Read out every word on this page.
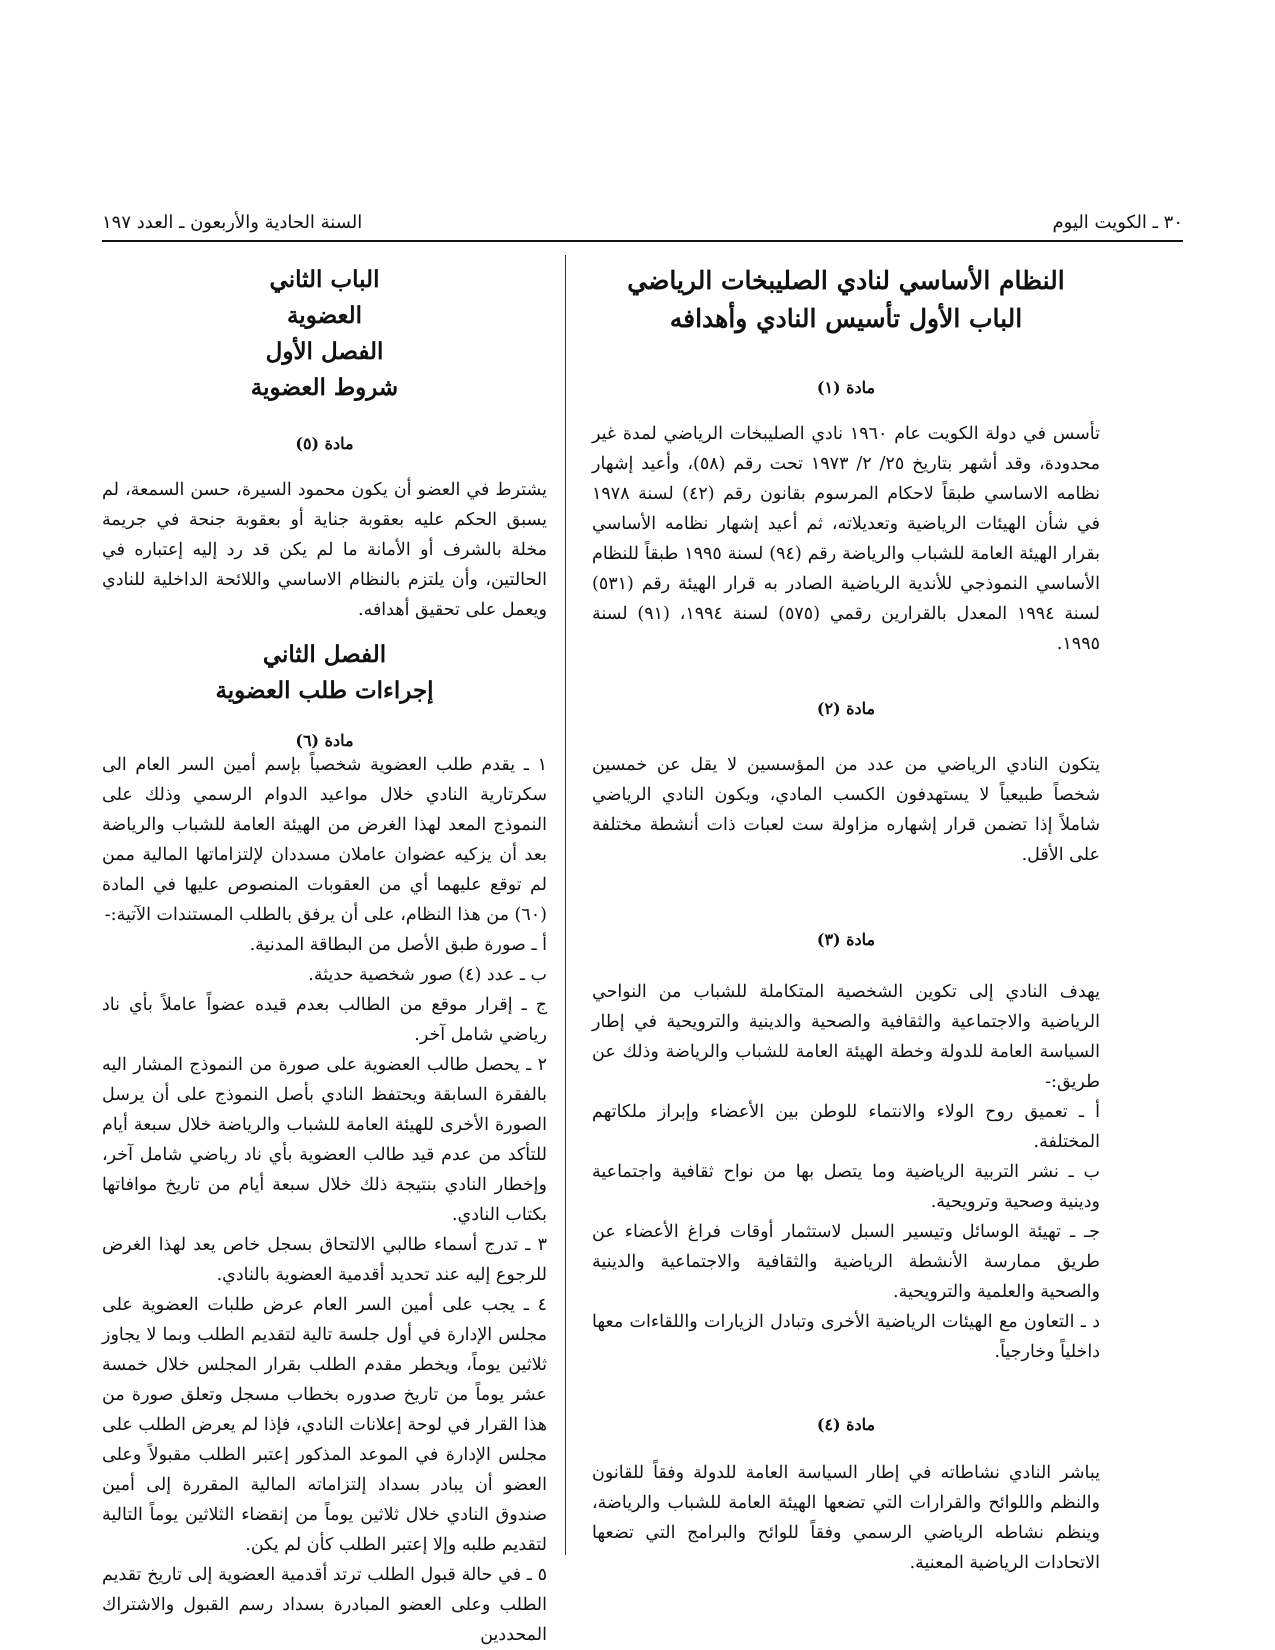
السنة الحادية والأربعون ـ العدد ١٩٧	٣٠ ـ الكويت اليوم

النظام الأساسي لنادي الصليبخات الرياضي

الباب الأول تأسيس النادي وأهدافه

مادة (١)

تأسس في دولة الكويت عام ١٩٦٠ نادي الصليبخات الرياضي لمدة غير محدودة، وقد أشهر بتاريخ ٢٥/ ٢/ ١٩٧٣ تحت رقم (٥٨)، وأعيد إشهار نظامه الاساسي طبقاً لاحكام المرسوم بقانون رقم (٤٢) لسنة ١٩٧٨ في شأن الهيئات الرياضية وتعديلاته، ثم أعيد إشهار نظامه الأساسي بقرار الهيئة العامة للشباب والرياضة رقم (٩٤) لسنة ١٩٩٥ طبقاً للنظام الأساسي النموذجي للأندية الرياضية الصادر به قرار الهيئة رقم (٥٣١) لسنة ١٩٩٤ المعدل بالقرارين رقمي (٥٧٥) لسنة ١٩٩٤، (٩١) لسنة ١٩٩٥.

مادة (٢)

يتكون النادي الرياضي من عدد من المؤسسين لا يقل عن خمسين شخصاً طبيعياً لا يستهدفون الكسب المادي، ويكون النادي الرياضي شاملاً إذا تضمن قرار إشهاره مزاولة ست لعبات ذات أنشطة مختلفة على الأقل.

مادة (٣)

يهدف النادي إلى تكوين الشخصية المتكاملة للشباب من النواحي الرياضية والاجتماعية والثقافية والصحية والدينية والترويحية في إطار السياسة العامة للدولة وخطة الهيئة العامة للشباب والرياضة وذلك عن طريق:-

أ ـ تعميق روح الولاء والانتماء للوطن بين الأعضاء وإبراز ملكاتهم المختلفة.

ب ـ نشر التربية الرياضية وما يتصل بها من نواح ثقافية واجتماعية ودينية وصحية وترويحية.

جـ ـ تهيئة الوسائل وتيسير السبل لاستثمار أوقات فراغ الأعضاء عن طريق ممارسة الأنشطة الرياضية والثقافية والاجتماعية والدينية والصحية والعلمية والترويحية.

د ـ التعاون مع الهيئات الرياضية الأخرى وتبادل الزيارات واللقاءات معها داخلياً وخارجياً.

مادة (٤)

يباشر النادي نشاطاته في إطار السياسة العامة للدولة وفقاً للقانون والنظم واللوائح والقرارات التي تضعها الهيئة العامة للشباب والرياضة، وينظم نشاطه الرياضي الرسمي وفقاً للوائح والبرامج التي تضعها الاتحادات الرياضية المعنية.

الباب الثاني

العضوية

الفصل الأول

شروط العضوية

مادة (٥)

يشترط في العضو أن يكون محمود السيرة، حسن السمعة، لم يسبق الحكم عليه بعقوبة جناية أو بعقوبة جنحة في جريمة مخلة بالشرف أو الأمانة ما لم يكن قد رد إليه إعتباره في الحالتين، وأن يلتزم بالنظام الاساسي واللائحة الداخلية للنادي ويعمل على تحقيق أهدافه.

الفصل الثاني

إجراءات طلب العضوية

مادة (٦)

١ ـ يقدم طلب العضوية شخصياً بإسم أمين السر العام الى سكرتارية النادي خلال مواعيد الدوام الرسمي وذلك على النموذج المعد لهذا الغرض من الهيئة العامة للشباب والرياضة بعد أن يزكيه عضوان عاملان مسددان لإلتزاماتها المالية ممن لم توقع عليهما أي من العقوبات المنصوص عليها في المادة (٦٠) من هذا النظام، على أن يرفق بالطلب المستندات الآتية:-

أ ـ صورة طبق الأصل من البطاقة المدنية.

ب ـ عدد (٤) صور شخصية حديثة.

ج ـ إقرار موقع من الطالب بعدم قيده عضواً عاملاً بأي ناد رياضي شامل آخر.

٢ ـ يحصل طالب العضوية على صورة من النموذج المشار اليه بالفقرة السابقة ويحتفظ النادي بأصل النموذج على أن يرسل الصورة الأخرى للهيئة العامة للشباب والرياضة خلال سبعة أيام للتأكد من عدم قيد طالب العضوية بأي ناد رياضي شامل آخر، وإخطار النادي بنتيجة ذلك خلال سبعة أيام من تاريخ موافاتها بكتاب النادي.

٣ ـ تدرج أسماء طالبي الالتحاق بسجل خاص يعد لهذا الغرض للرجوع إليه عند تحديد أقدمية العضوية بالنادي.

٤ ـ يجب على أمين السر العام عرض طلبات العضوية على مجلس الإدارة في أول جلسة تالية لتقديم الطلب وبما لا يجاوز ثلاثين يوماً، ويخطر مقدم الطلب بقرار المجلس خلال خمسة عشر يوماً من تاريخ صدوره بخطاب مسجل وتعلق صورة من هذا القرار في لوحة إعلانات النادي، فإذا لم يعرض الطلب على مجلس الإدارة في الموعد المذكور إعتبر الطلب مقبولاً وعلى العضو أن يبادر بسداد إلتزاماته المالية المقررة إلى أمين صندوق النادي خلال ثلاثين يوماً من إنقضاء الثلاثين يوماً التالية لتقديم طلبه وإلا إعتبر الطلب كأن لم يكن.

٥ ـ في حالة قبول الطلب ترتد أقدمية العضوية إلى تاريخ تقديم الطلب وعلى العضو المبادرة بسداد رسم القبول والاشتراك المحددين
